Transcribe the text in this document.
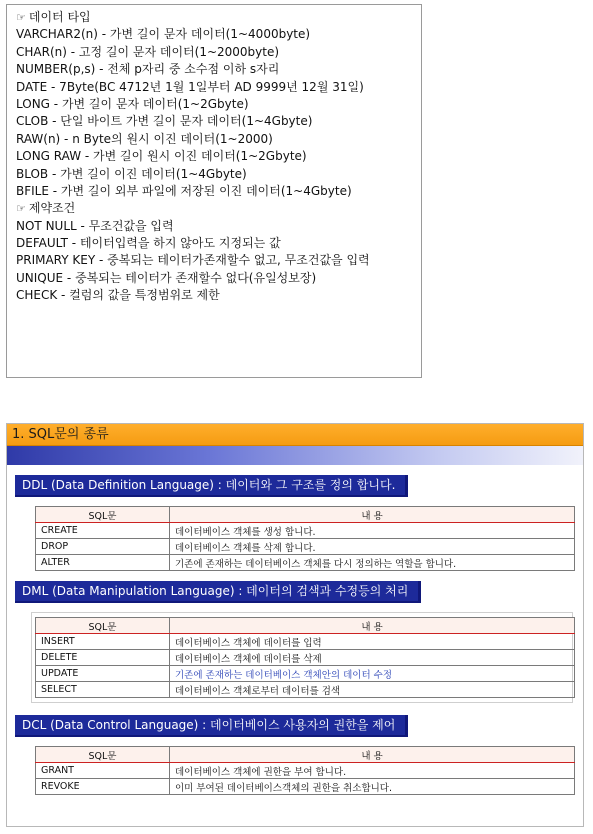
☞ 데이터 타입
VARCHAR2(n) - 가변 길이 문자 데이터(1~4000byte)
CHAR(n) - 고정 길이 문자 데이터(1~2000byte)
NUMBER(p,s) - 전체 p자리 중 소수점 이하 s자리
DATE - 7Byte(BC 4712년 1월 1일부터 AD 9999년 12월 31일)
LONG - 가변 길이 문자 데이터(1~2Gbyte)
CLOB - 단일 바이트 가변 길이 문자 데이터(1~4Gbyte)
RAW(n) - n Byte의 원시 이진 데이터(1~2000)
LONG RAW - 가변 길이 원시 이진 데이터(1~2Gbyte)
BLOB - 가변 길이 이진 데이터(1~4Gbyte)
BFILE - 가변 길이 외부 파일에 저장된 이진 데이터(1~4Gbyte)
☞ 제약조건
NOT NULL - 무조건값을 입력
DEFAULT - 테이터입력을 하지 않아도 지정되는 값
PRIMARY KEY - 중복되는 테이터가존재할수 없고, 무조건값을 입력
UNIQUE - 중복되는 테이터가 존재할수 없다(유일성보장)
CHECK - 컬럼의 값을 특정범위로 제한
1. SQL문의 종류
DDL (Data Definition Language) : 데이터와 그 구조를 정의 합니다.
SQL문	내 용
CREATE	데이터베이스 객체를 생성 합니다.
DROP	데이터베이스 객체를 삭제 합니다.
ALTER	기존에 존재하는 데이터베이스 객체를 다시 정의하는 역할을 합니다.
DML (Data Manipulation Language) : 데이터의 검색과 수정등의 처리
SQL문	내 용
INSERT	데이터베이스 객체에 데이터를 입력
DELETE	데이터베이스 객체에 데이터를 삭제
UPDATE	기존에 존재하는 데이터베이스 객체안의 데이터 수정
SELECT	데이터베이스 객체로부터 데이터를 검색
DCL (Data Control Language) : 데이터베이스 사용자의 권한을 제어
SQL문	내 용
GRANT	데이터베이스 객체에 권한을 부여 합니다.
REVOKE	이미 부여된 데이터베이스객체의 권한을 취소합니다.
